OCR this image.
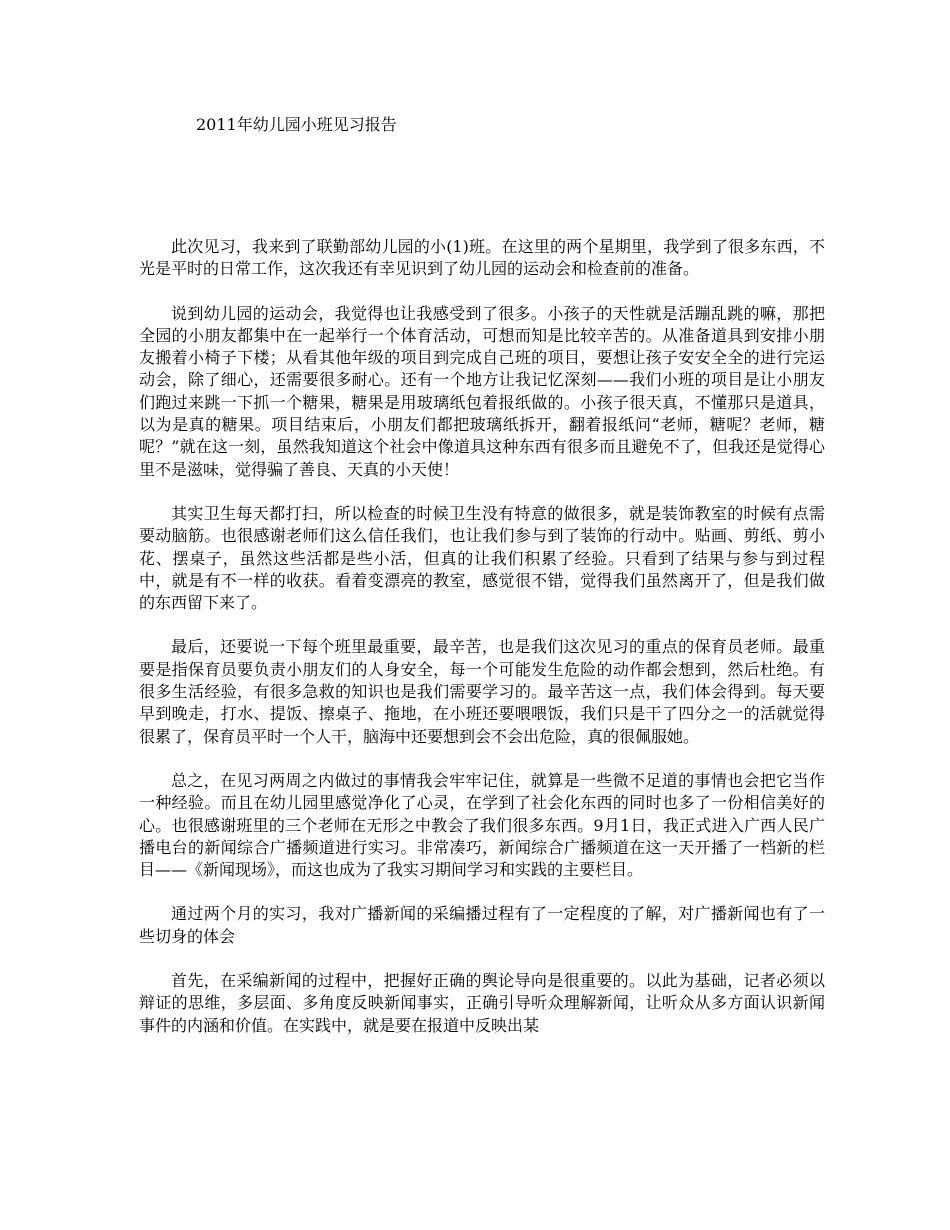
2011年幼儿园小班见习报告

此次见习，我来到了联勤部幼儿园的小(1)班。在这里的两个星期里，我学到了很多东西，不光是平时的日常工作，这次我还有幸见识到了幼儿园的运动会和检查前的准备。

说到幼儿园的运动会，我觉得也让我感受到了很多。小孩子的天性就是活蹦乱跳的嘛，那把全园的小朋友都集中在一起举行一个体育活动，可想而知是比较辛苦的。从准备道具到安排小朋友搬着小椅子下楼；从看其他年级的项目到完成自己班的项目，要想让孩子安安全全的进行完运动会，除了细心，还需要很多耐心。还有一个地方让我记忆深刻——我们小班的项目是让小朋友们跑过来跳一下抓一个糖果，糖果是用玻璃纸包着报纸做的。小孩子很天真，不懂那只是道具，以为是真的糖果。项目结束后，小朋友们都把玻璃纸拆开，翻着报纸问“老师，糖呢？老师，糖呢？”就在这一刻，虽然我知道这个社会中像道具这种东西有很多而且避免不了，但我还是觉得心里不是滋味，觉得骗了善良、天真的小天使！

其实卫生每天都打扫，所以检查的时候卫生没有特意的做很多，就是装饰教室的时候有点需要动脑筋。也很感谢老师们这么信任我们，也让我们参与到了装饰的行动中。贴画、剪纸、剪小花、摆桌子，虽然这些活都是些小活，但真的让我们积累了经验。只看到了结果与参与到过程中，就是有不一样的收获。看着变漂亮的教室，感觉很不错，觉得我们虽然离开了，但是我们做的东西留下来了。

最后，还要说一下每个班里最重要，最辛苦，也是我们这次见习的重点的保育员老师。最重要是指保育员要负责小朋友们的人身安全，每一个可能发生危险的动作都会想到，然后杜绝。有很多生活经验，有很多急救的知识也是我们需要学习的。最辛苦这一点，我们体会得到。每天要早到晚走，打水、提饭、擦桌子、拖地，在小班还要喂喂饭，我们只是干了四分之一的活就觉得很累了，保育员平时一个人干，脑海中还要想到会不会出危险，真的很佩服她。

总之，在见习两周之内做过的事情我会牢牢记住，就算是一些微不足道的事情也会把它当作一种经验。而且在幼儿园里感觉净化了心灵，在学到了社会化东西的同时也多了一份相信美好的心。也很感谢班里的三个老师在无形之中教会了我们很多东西。9月1日，我正式进入广西人民广播电台的新闻综合广播频道进行实习。非常凑巧，新闻综合广播频道在这一天开播了一档新的栏目——《新闻现场》，而这也成为了我实习期间学习和实践的主要栏目。

通过两个月的实习，我对广播新闻的采编播过程有了一定程度的了解，对广播新闻也有了一些切身的体会

首先，在采编新闻的过程中，把握好正确的舆论导向是很重要的。以此为基础，记者必须以辩证的思维，多层面、多角度反映新闻事实，正确引导听众理解新闻，让听众从多方面认识新闻事件的内涵和价值。在实践中，就是要在报道中反映出某
